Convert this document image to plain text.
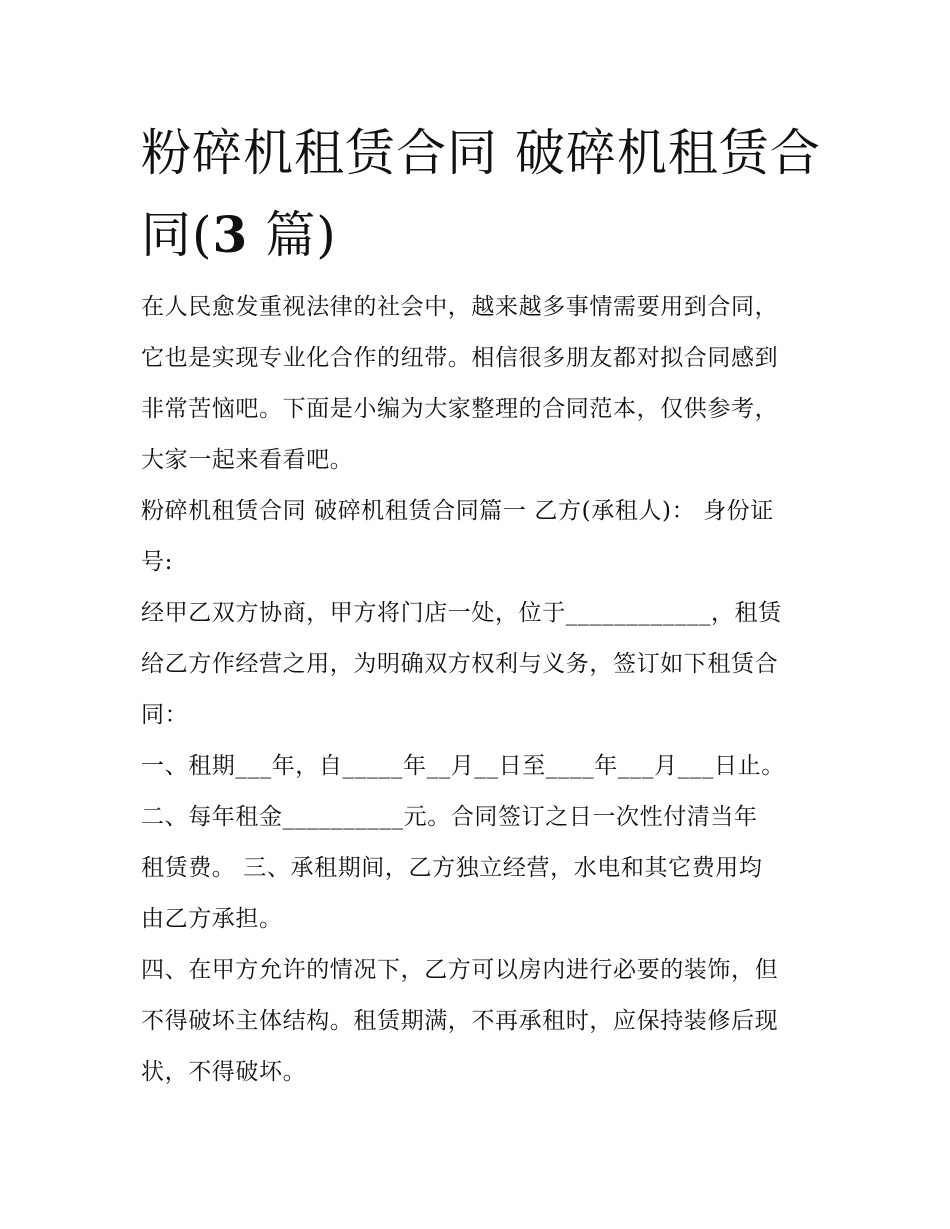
粉碎机租赁合同 破碎机租赁合
同(3 篇)

在人民愈发重视法律的社会中，越来越多事情需要用到合同，
它也是实现专业化合作的纽带。相信很多朋友都对拟合同感到
非常苦恼吧。下面是小编为大家整理的合同范本，仅供参考，
大家一起来看看吧。

粉碎机租赁合同 破碎机租赁合同篇一 乙方(承租人)： 身份证
号:

经甲乙双方协商，甲方将门店一处，位于____________，租赁
给乙方作经营之用，为明确双方权利与义务，签订如下租赁合
同：

一、租期___年，自_____年__月__日至____年___月___日止。

二、每年租金__________元。合同签订之日一次性付清当年
租赁费。 三、承租期间，乙方独立经营，水电和其它费用均
由乙方承担。

四、在甲方允许的情况下，乙方可以房内进行必要的装饰，但
不得破坏主体结构。租赁期满，不再承租时，应保持装修后现
状，不得破坏。
